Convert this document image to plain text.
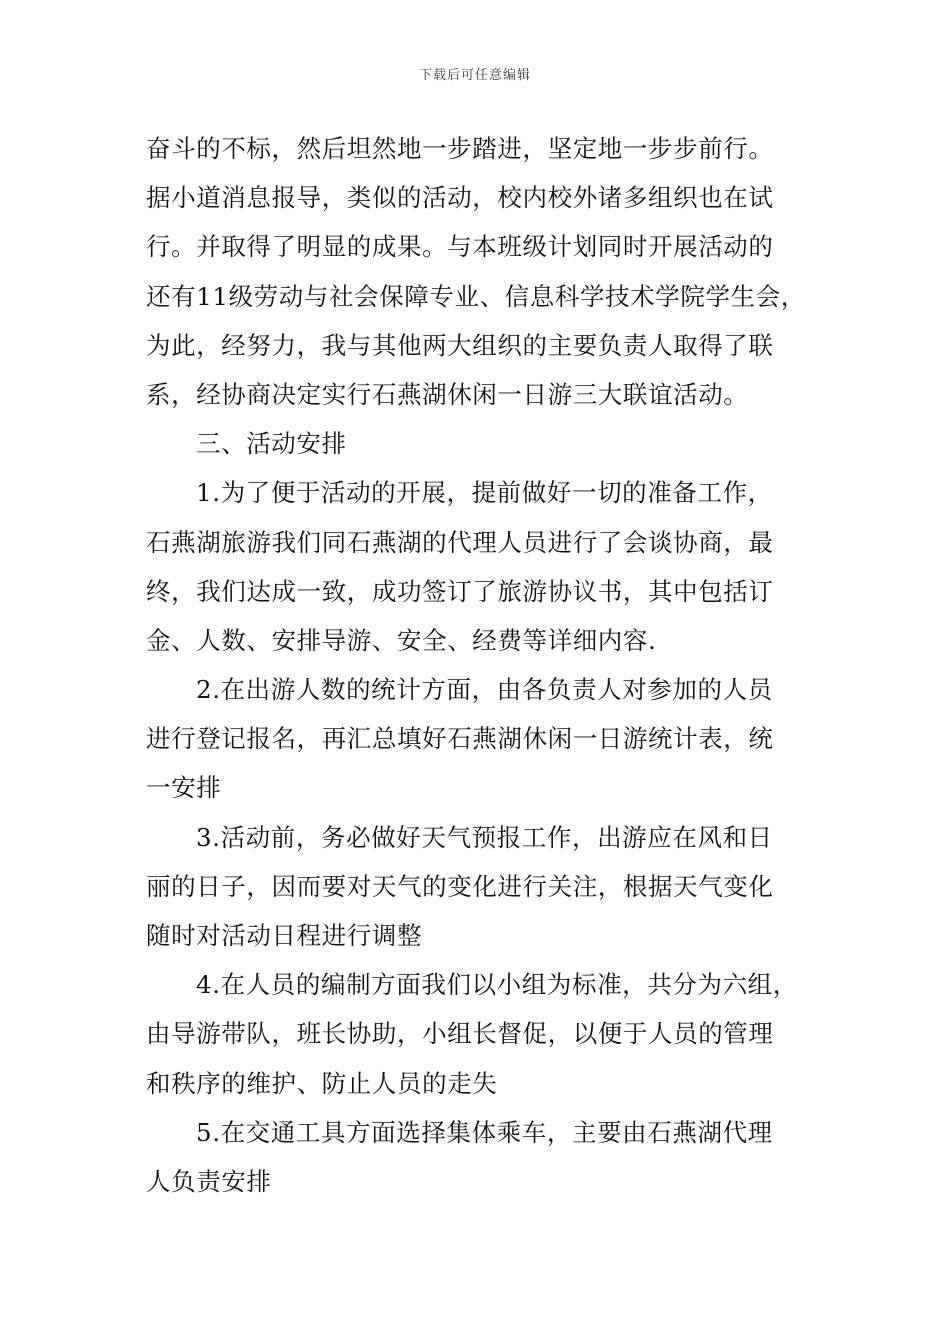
下载后可任意编辑
奋斗的不标，然后坦然地一步踏进，坚定地一步步前行。
据小道消息报导，类似的活动，校内校外诸多组织也在试
行。并取得了明显的成果。与本班级计划同时开展活动的
还有11级劳动与社会保障专业、信息科学技术学院学生会，
为此，经努力，我与其他两大组织的主要负责人取得了联
系，经协商决定实行石燕湖休闲一日游三大联谊活动。
三、活动安排
1.为了便于活动的开展，提前做好一切的准备工作，
石燕湖旅游我们同石燕湖的代理人员进行了会谈协商，最
终，我们达成一致，成功签订了旅游协议书，其中包括订
金、人数、安排导游、安全、经费等详细内容.
2.在出游人数的统计方面，由各负责人对参加的人员
进行登记报名，再汇总填好石燕湖休闲一日游统计表，统
一安排
3.活动前，务必做好天气预报工作，出游应在风和日
丽的日子，因而要对天气的变化进行关注，根据天气变化
随时对活动日程进行调整
4.在人员的编制方面我们以小组为标准，共分为六组，
由导游带队，班长协助，小组长督促，以便于人员的管理
和秩序的维护、防止人员的走失
5.在交通工具方面选择集体乘车，主要由石燕湖代理
人负责安排
